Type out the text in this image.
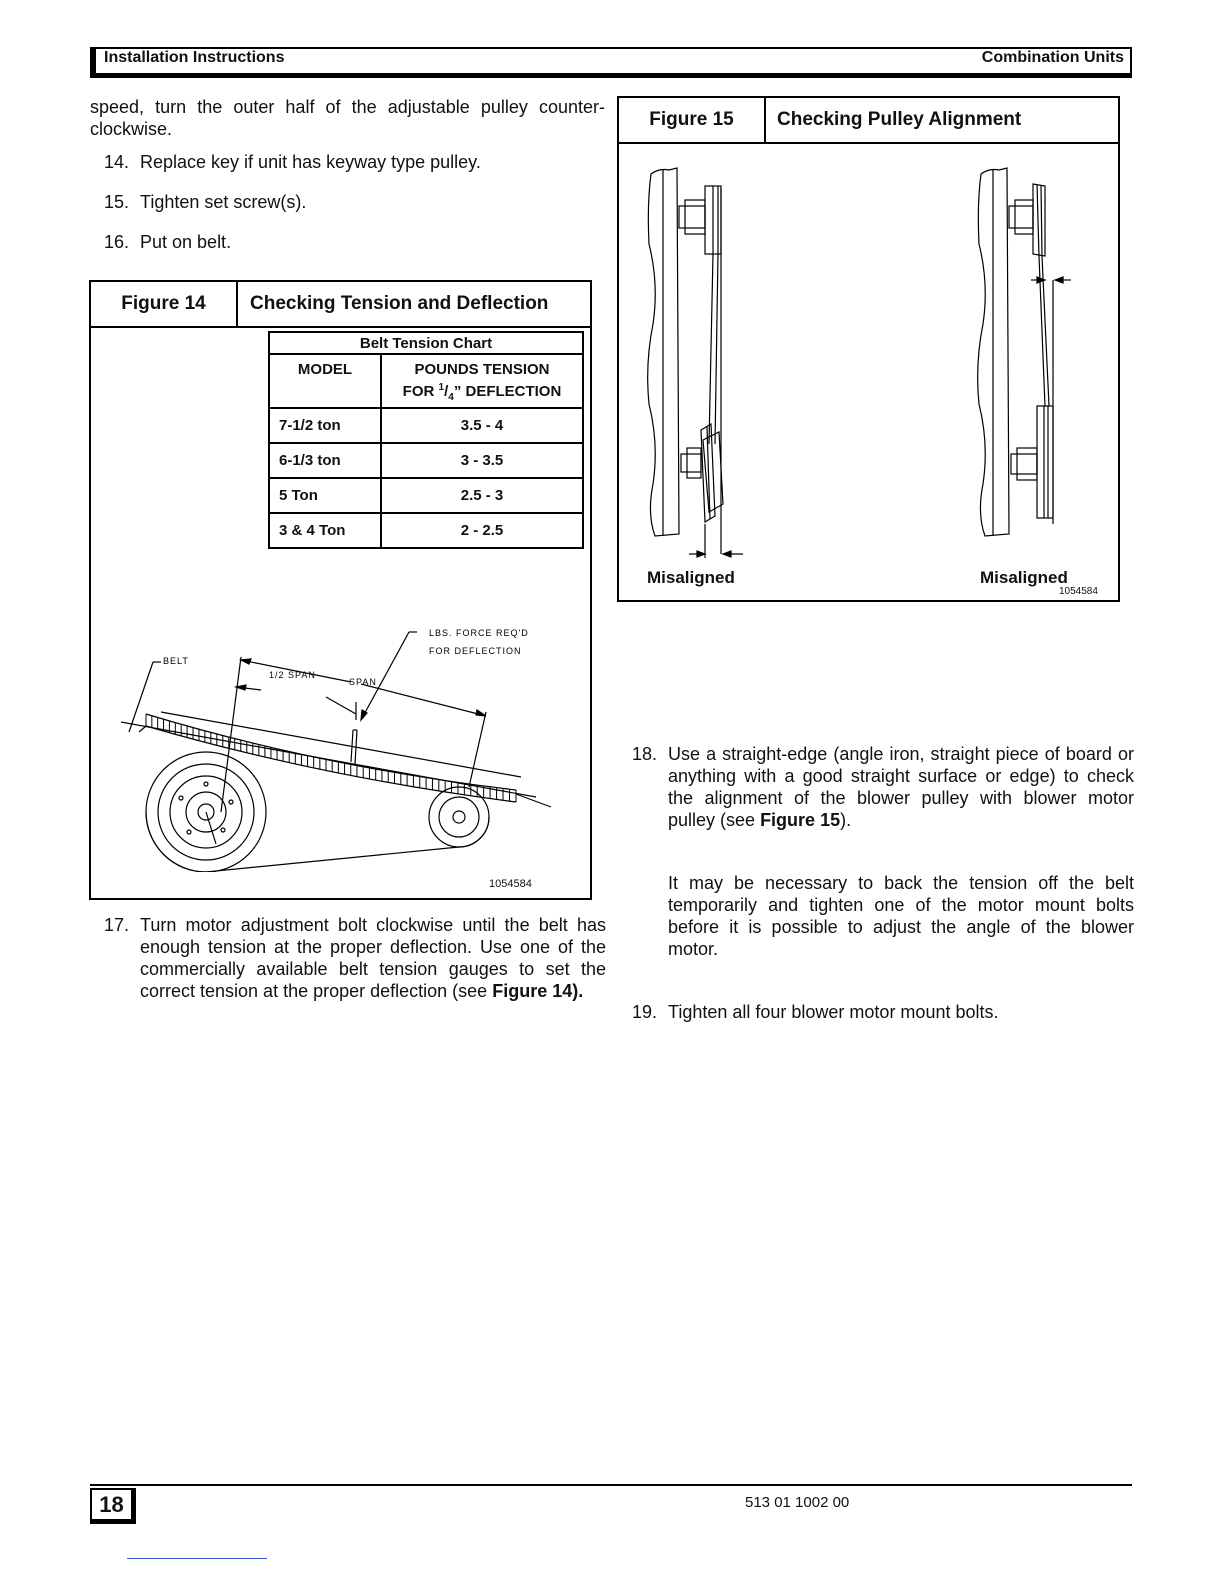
Installation Instructions	Combination Units
speed, turn the outer half of the adjustable pulley counter-clockwise.
14. Replace key if unit has keyway type pulley.
15. Tighten set screw(s).
16. Put on belt.
Figure 14	Checking Tension and Deflection
Belt Tension Chart	
MODEL	POUNDS TENSION
FOR $^1/_4$” DEFLECTION
7-1/2 ton	3.5 - 4
6-1/3 ton	3 - 3.5
5 Ton	2.5 - 3
3 & 4 Ton	2 - 2.5
BELT
SPAN
1/2 SPAN
LBS. FORCE REQ'D
FOR DEFLECTION
1054584
17. Turn motor adjustment bolt clockwise until the belt has enough tension at the proper deflection. Use one of the commercially available belt tension gauges to set the correct tension at the proper deflection (see Figure 14).
Figure 15	Checking Pulley Alignment
Misaligned	Misaligned
1054584
18. Use a straight-edge (angle iron, straight piece of board or anything with a good straight surface or edge) to check the alignment of the blower pulley with blower motor pulley (see Figure 15).
It may be necessary to back the tension off the belt temporarily and tighten one of the motor mount bolts before it is possible to adjust the angle of the blower motor.
19. Tighten all four blower motor mount bolts.
18	513 01 1002 00
